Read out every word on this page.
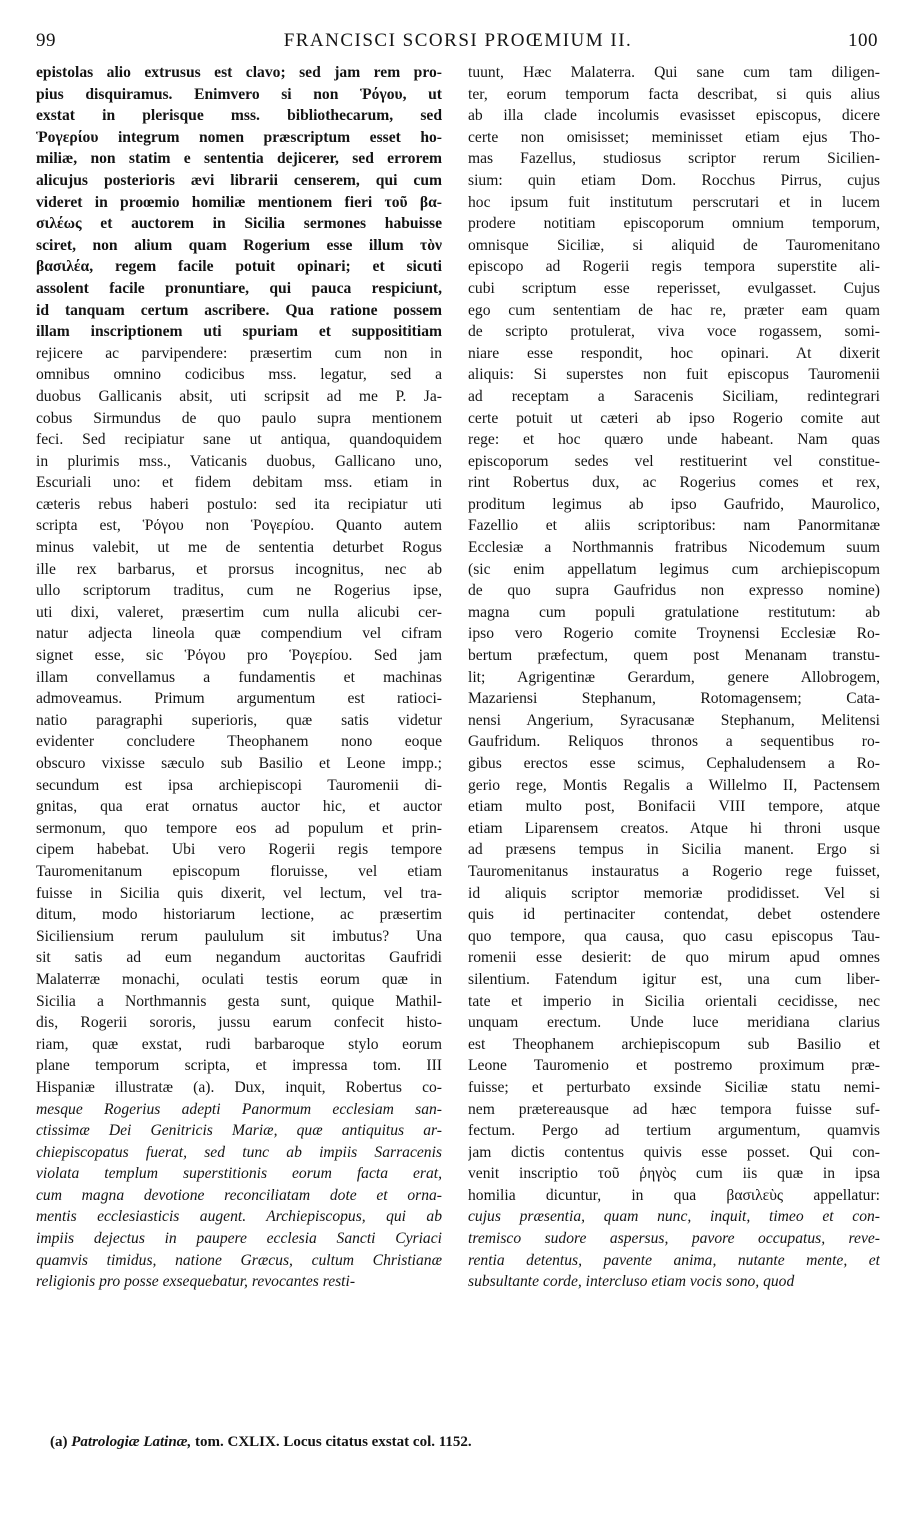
99	FRANCISCI SCORSI PROŒMIUM II.	100
epistolas alio extrusus est clavo; sed jam rem pro-
pius disquiramus. Enimvero si non Ῥόγου, ut
exstat in plerisque mss. bibliothecarum, sed
Ῥογερίου integrum nomen præscriptum esset ho-
miliæ, non statim e sententia dejicerer, sed errorem
alicujus posterioris ævi librarii censerem, qui cum
videret in proœmio homiliæ mentionem fieri τοῦ βα-
σιλέως et auctorem in Sicilia sermones habuisse
sciret, non alium quam Rogerium esse illum τὸν
βασιλέα, regem facile potuit opinari; et sicuti
assolent facile pronuntiare, qui pauca respiciunt,
id tanquam certum ascribere. Qua ratione possem
illam inscriptionem uti spuriam et supposititiam
rejicere ac parvipendere: præsertim cum non in
omnibus omnino codicibus mss. legatur, sed a
duobus Gallicanis absit, uti scripsit ad me P. Ja-
cobus Sirmundus de quo paulo supra mentionem
feci. Sed recipiatur sane ut antiqua, quandoquidem
in plurimis mss., Vaticanis duobus, Gallicano uno,
Escuriali uno: et fidem debitam mss. etiam in
cæteris rebus haberi postulo: sed ita recipiatur uti
scripta est, Ῥόγου non Ῥογερίου. Quanto autem
minus valebit, ut me de sententia deturbet Rogus
ille rex barbarus, et prorsus incognitus, nec ab
ullo scriptorum traditus, cum ne Rogerius ipse,
uti dixi, valeret, præsertim cum nulla alicubi cer-
natur adjecta lineola quæ compendium vel cifram
signet esse, sic Ῥόγου pro Ῥογερίου. Sed jam
illam convellamus a fundamentis et machinas
admoveamus. Primum argumentum est ratioci-
natio paragraphi superioris, quæ satis videtur
evidenter concludere Theophanem nono eoque
obscuro vixisse sæculo sub Basilio et Leone impp.;
secundum est ipsa archiepiscopi Tauromenii di-
gnitas, qua erat ornatus auctor hic, et auctor
sermonum, quo tempore eos ad populum et prin-
cipem habebat. Ubi vero Rogerii regis tempore
Tauromenitanum episcopum floruisse, vel etiam
fuisse in Sicilia quis dixerit, vel lectum, vel tra-
ditum, modo historiarum lectione, ac præsertim
Siciliensium rerum paululum sit imbutus? Una
sit satis ad eum negandum auctoritas Gaufridi
Malaterræ monachi, oculati testis eorum quæ in
Sicilia a Northmannis gesta sunt, quique Mathil-
dis, Rogerii sororis, jussu earum confecit histo-
riam, quæ exstat, rudi barbaroque stylo eorum
plane temporum scripta, et impressa tom. III
Hispaniæ illustratæ (a). Dux, inquit, Robertus co-
mesque Rogerius adepti Panormum ecclesiam san-
ctissimæ Dei Genitricis Mariæ, quæ antiquitus ar-
chiepiscopatus fuerat, sed tunc ab impiis Sarracenis
violata templum superstitionis eorum facta erat,
cum magna devotione reconciliatam dote et orna-
mentis ecclesiasticis augent. Archiepiscopus, qui ab
impiis dejectus in paupere ecclesia Sancti Cyriaci
quamvis timidus, natione Græcus, cultum Christianæ
religionis pro posse exsequebatur, revocantes resti-
tuunt, Hæc Malaterra. Qui sane cum tam diligen-
ter, eorum temporum facta describat, si quis alius
ab illa clade incolumis evasisset episcopus, dicere
certe non omisisset; meminisset etiam ejus Tho-
mas Fazellus, studiosus scriptor rerum Sicilien-
sium: quin etiam Dom. Rocchus Pirrus, cujus
hoc ipsum fuit institutum perscrutari et in lucem
prodere notitiam episcoporum omnium temporum,
omnisque Siciliæ, si aliquid de Tauromenitano
episcopo ad Rogerii regis tempora superstite ali-
cubi scriptum esse reperisset, evulgasset. Cujus
ego cum sententiam de hac re, præter eam quam
de scripto protulerat, viva voce rogassem, somi-
niare esse respondit, hoc opinari. At dixerit
aliquis: Si superstes non fuit episcopus Tauromenii
ad receptam a Saracenis Siciliam, redintegrari
certe potuit ut cæteri ab ipso Rogerio comite aut
rege: et hoc quæro unde habeant. Nam quas
episcoporum sedes vel restituerint vel constitue-
rint Robertus dux, ac Rogerius comes et rex,
proditum legimus ab ipso Gaufrido, Maurolico,
Fazellio et aliis scriptoribus: nam Panormitanæ
Ecclesiæ a Northmannis fratribus Nicodemum suum
(sic enim appellatum legimus cum archiepiscopum
de quo supra Gaufridus non expresso nomine)
magna cum populi gratulatione restitutum: ab
ipso vero Rogerio comite Troynensi Ecclesiæ Ro-
bertum præfectum, quem post Menanam transtu-
lit; Agrigentinæ Gerardum, genere Allobrogem,
Mazariensi Stephanum, Rotomagensem; Cata-
nensi Angerium, Syracusanæ Stephanum, Melitensi
Gaufridum. Reliquos thronos a sequentibus ro-
gibus erectos esse scimus, Cephaludensem a Ro-
gerio rege, Montis Regalis a Willelmo II, Pactensem
etiam multo post, Bonifacii VIII tempore, atque
etiam Liparensem creatos. Atque hi throni usque
ad præsens tempus in Sicilia manent. Ergo si
Tauromenitanus instauratus a Rogerio rege fuisset,
id aliquis scriptor memoriæ prodidisset. Vel si
quis id pertinaciter contendat, debet ostendere
quo tempore, qua causa, quo casu episcopus Tau-
romenii esse desierit: de quo mirum apud omnes
silentium. Fatendum igitur est, una cum liber-
tate et imperio in Sicilia orientali cecidisse, nec
unquam erectum. Unde luce meridiana clarius
est Theophanem archiepiscopum sub Basilio et
Leone Tauromenio et postremo proximum præ-
fuisse; et perturbato exsinde Siciliæ statu nemi-
nem prætereausque ad hæc tempora fuisse suf-
fectum. Pergo ad tertium argumentum, quamvis
jam dictis contentus quivis esse posset. Qui con-
venit inscriptio τοῦ ῥηγὸς cum iis quæ in ipsa
homilia dicuntur, in qua βασιλεὺς appellatur:
cujus præsentia, quam nunc, inquit, timeo et con-
tremisco sudore aspersus, pavore occupatus, reve-
rentia detentus, pavente anima, nutante mente, et
subsultante corde, intercluso etiam vocis sono, quod
(a) Patrologiæ Latinæ, tom. CXLIX. Locus citatus exstat col. 1152.
